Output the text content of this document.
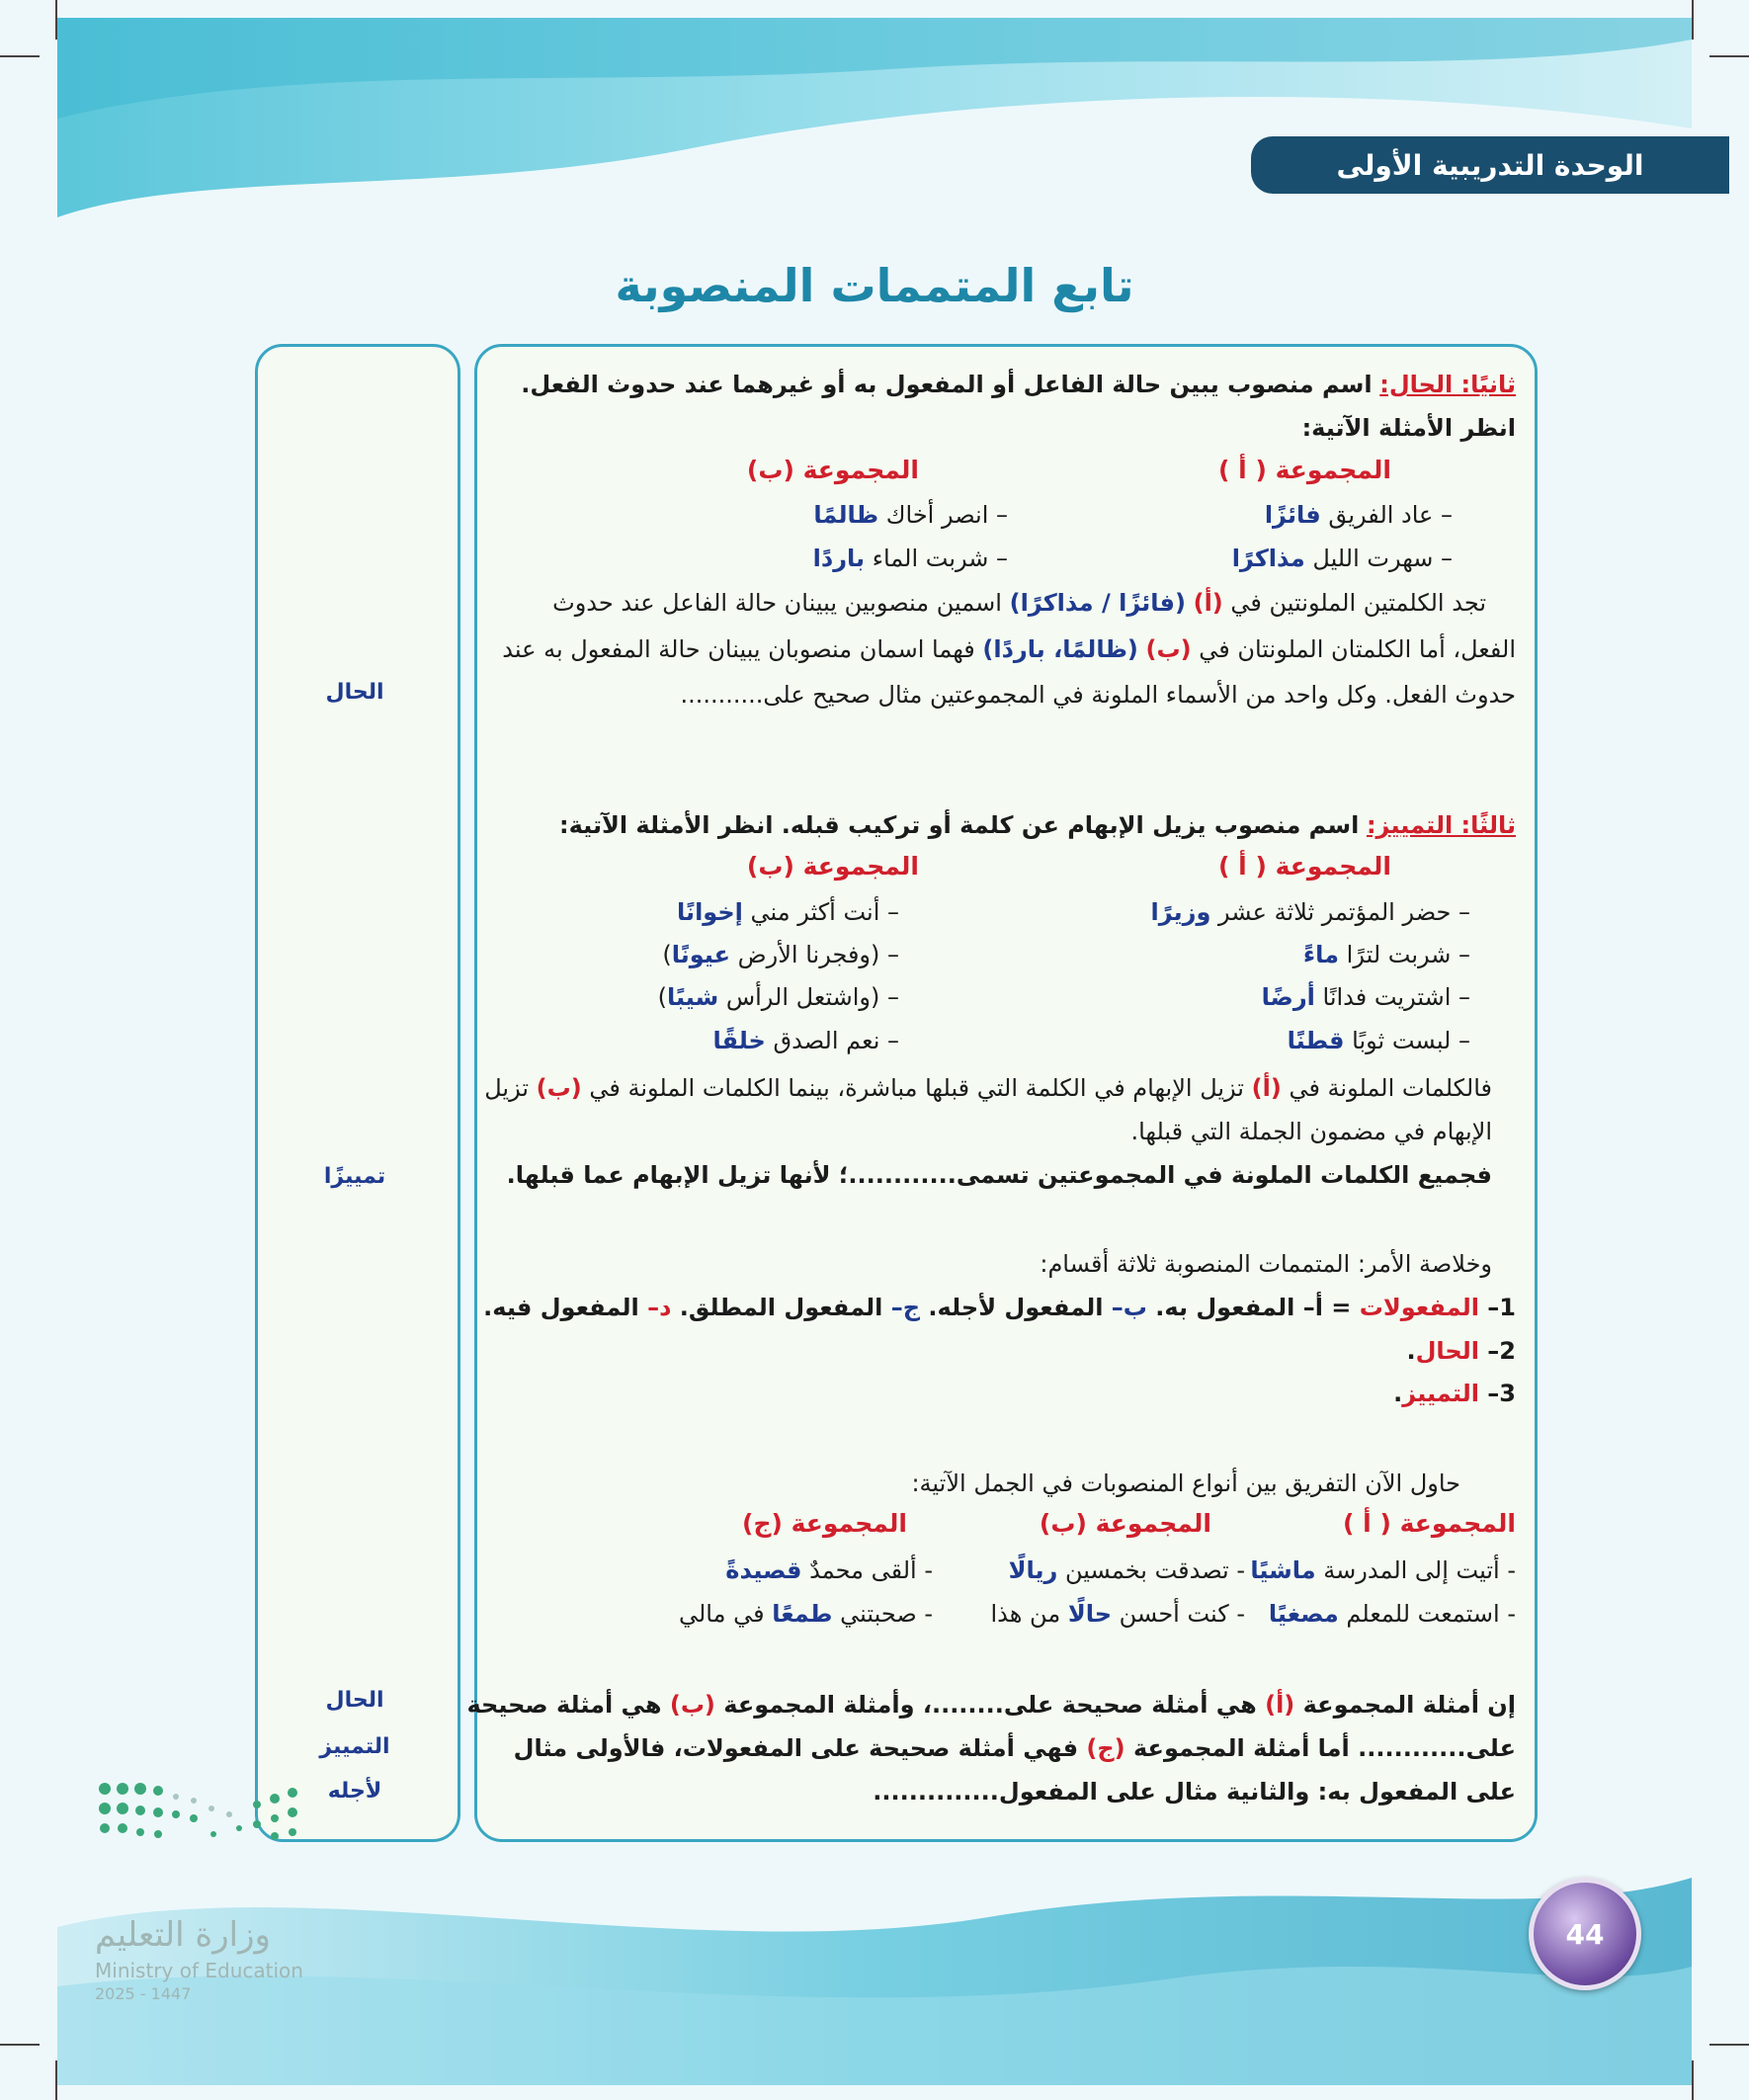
الوحدة التدريبية الأولى
تابع المتممات المنصوبة
الحال
تمييزًا
الحال
التمييز
لأجله
ثانيًا: الحال: اسم منصوب يبين حالة الفاعل أو المفعول به أو غيرهما عند حدوث الفعل.
انظر الأمثلة الآتية:
المجموعة ( أ )
المجموعة (ب)
– عاد الفريق فائزًا
– سهرت الليل مذاكرًا
– انصر أخاك ظالمًا
– شربت الماء باردًا
تجد الكلمتين الملونتين في (أ) (فائزًا / مذاكرًا) اسمين منصوبين يبينان حالة الفاعل عند حدوث
الفعل، أما الكلمتان الملونتان في (ب) (ظالمًا، باردًا) فهما اسمان منصوبان يبينان حالة المفعول به عند
حدوث الفعل. وكل واحد من الأسماء الملونة في المجموعتين مثال صحيح على...........
ثالثًا: التمييز: اسم منصوب يزيل الإبهام عن كلمة أو تركيب قبله. انظر الأمثلة الآتية:
المجموعة ( أ )
المجموعة (ب)
– حضر المؤتمر ثلاثة عشر وزيرًا
– شربت لترًا ماءً
– اشتريت فدانًا أرضًا
– لبست ثوبًا قطنًا
– أنت أكثر مني إخوانًا
– (وفجرنا الأرض عيونًا)
– (واشتعل الرأس شيبًا)
– نعم الصدق خلقًا
فالكلمات الملونة في (أ) تزيل الإبهام في الكلمة التي قبلها مباشرة، بينما الكلمات الملونة في (ب) تزيل
الإبهام في مضمون الجملة التي قبلها.
فجميع الكلمات الملونة في المجموعتين تسمى............؛ لأنها تزيل الإبهام عما قبلها.
وخلاصة الأمر: المتممات المنصوبة ثلاثة أقسام:
1– المفعولات = أ– المفعول به. ب– المفعول لأجله. ج– المفعول المطلق. د– المفعول فيه.
2– الحال.
3– التمييز.
حاول الآن التفريق بين أنواع المنصوبات في الجمل الآتية:
المجموعة ( أ )
المجموعة (ب)
المجموعة (ج)
- أتيت إلى المدرسة ماشيًا
- استمعت للمعلم مصغيًا
- تصدقت بخمسين ريالًا
- كنت أحسن حالًا من هذا
- ألقى محمدٌ قصيدةً
- صحبتني طمعًا في مالي
إن أمثلة المجموعة (أ) هي أمثلة صحيحة على........، وأمثلة المجموعة (ب) هي أمثلة صحيحة
على............ أما أمثلة المجموعة (ج) فهي أمثلة صحيحة على المفعولات، فالأولى مثال
على المفعول به: والثانية مثال على المفعول..............
وزارة التعليم
Ministry of Education
2025 - 1447
44
